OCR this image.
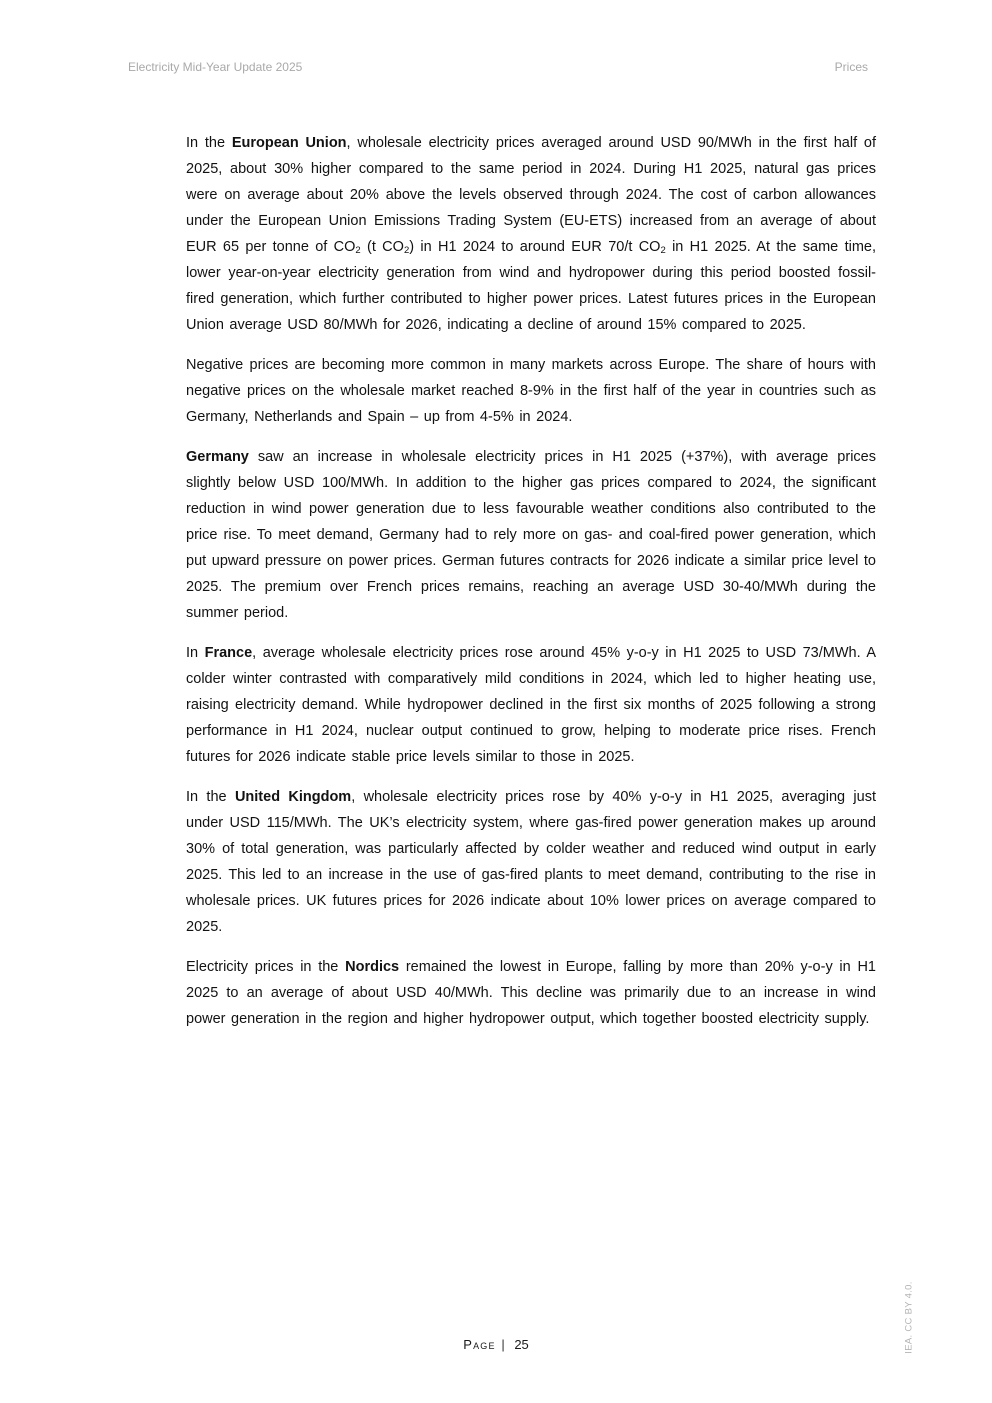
Electricity Mid-Year Update 2025	Prices

In the European Union, wholesale electricity prices averaged around USD 90/MWh in the first half of 2025, about 30% higher compared to the same period in 2024. During H1 2025, natural gas prices were on average about 20% above the levels observed through 2024. The cost of carbon allowances under the European Union Emissions Trading System (EU-ETS) increased from an average of about EUR 65 per tonne of $CO_2$ (t $CO_2$) in H1 2024 to around EUR 70/t $CO_2$ in H1 2025. At the same time, lower year-on-year electricity generation from wind and hydropower during this period boosted fossil-fired generation, which further contributed to higher power prices. Latest futures prices in the European Union average USD 80/MWh for 2026, indicating a decline of around 15% compared to 2025.

Negative prices are becoming more common in many markets across Europe. The share of hours with negative prices on the wholesale market reached 8-9% in the first half of the year in countries such as Germany, Netherlands and Spain – up from 4-5% in 2024.

Germany saw an increase in wholesale electricity prices in H1 2025 (+37%), with average prices slightly below USD 100/MWh. In addition to the higher gas prices compared to 2024, the significant reduction in wind power generation due to less favourable weather conditions also contributed to the price rise. To meet demand, Germany had to rely more on gas- and coal-fired power generation, which put upward pressure on power prices. German futures contracts for 2026 indicate a similar price level to 2025. The premium over French prices remains, reaching an average USD 30-40/MWh during the summer period.

In France, average wholesale electricity prices rose around 45% y-o-y in H1 2025 to USD 73/MWh. A colder winter contrasted with comparatively mild conditions in 2024, which led to higher heating use, raising electricity demand. While hydropower declined in the first six months of 2025 following a strong performance in H1 2024, nuclear output continued to grow, helping to moderate price rises. French futures for 2026 indicate stable price levels similar to those in 2025.

In the United Kingdom, wholesale electricity prices rose by 40% y-o-y in H1 2025, averaging just under USD 115/MWh. The UK’s electricity system, where gas-fired power generation makes up around 30% of total generation, was particularly affected by colder weather and reduced wind output in early 2025. This led to an increase in the use of gas-fired plants to meet demand, contributing to the rise in wholesale prices. UK futures prices for 2026 indicate about 10% lower prices on average compared to 2025.

Electricity prices in the Nordics remained the lowest in Europe, falling by more than 20% y-o-y in H1 2025 to an average of about USD 40/MWh. This decline was primarily due to an increase in wind power generation in the region and higher hydropower output, which together boosted electricity supply.

Page | 25	IEA. CC BY 4.0.
